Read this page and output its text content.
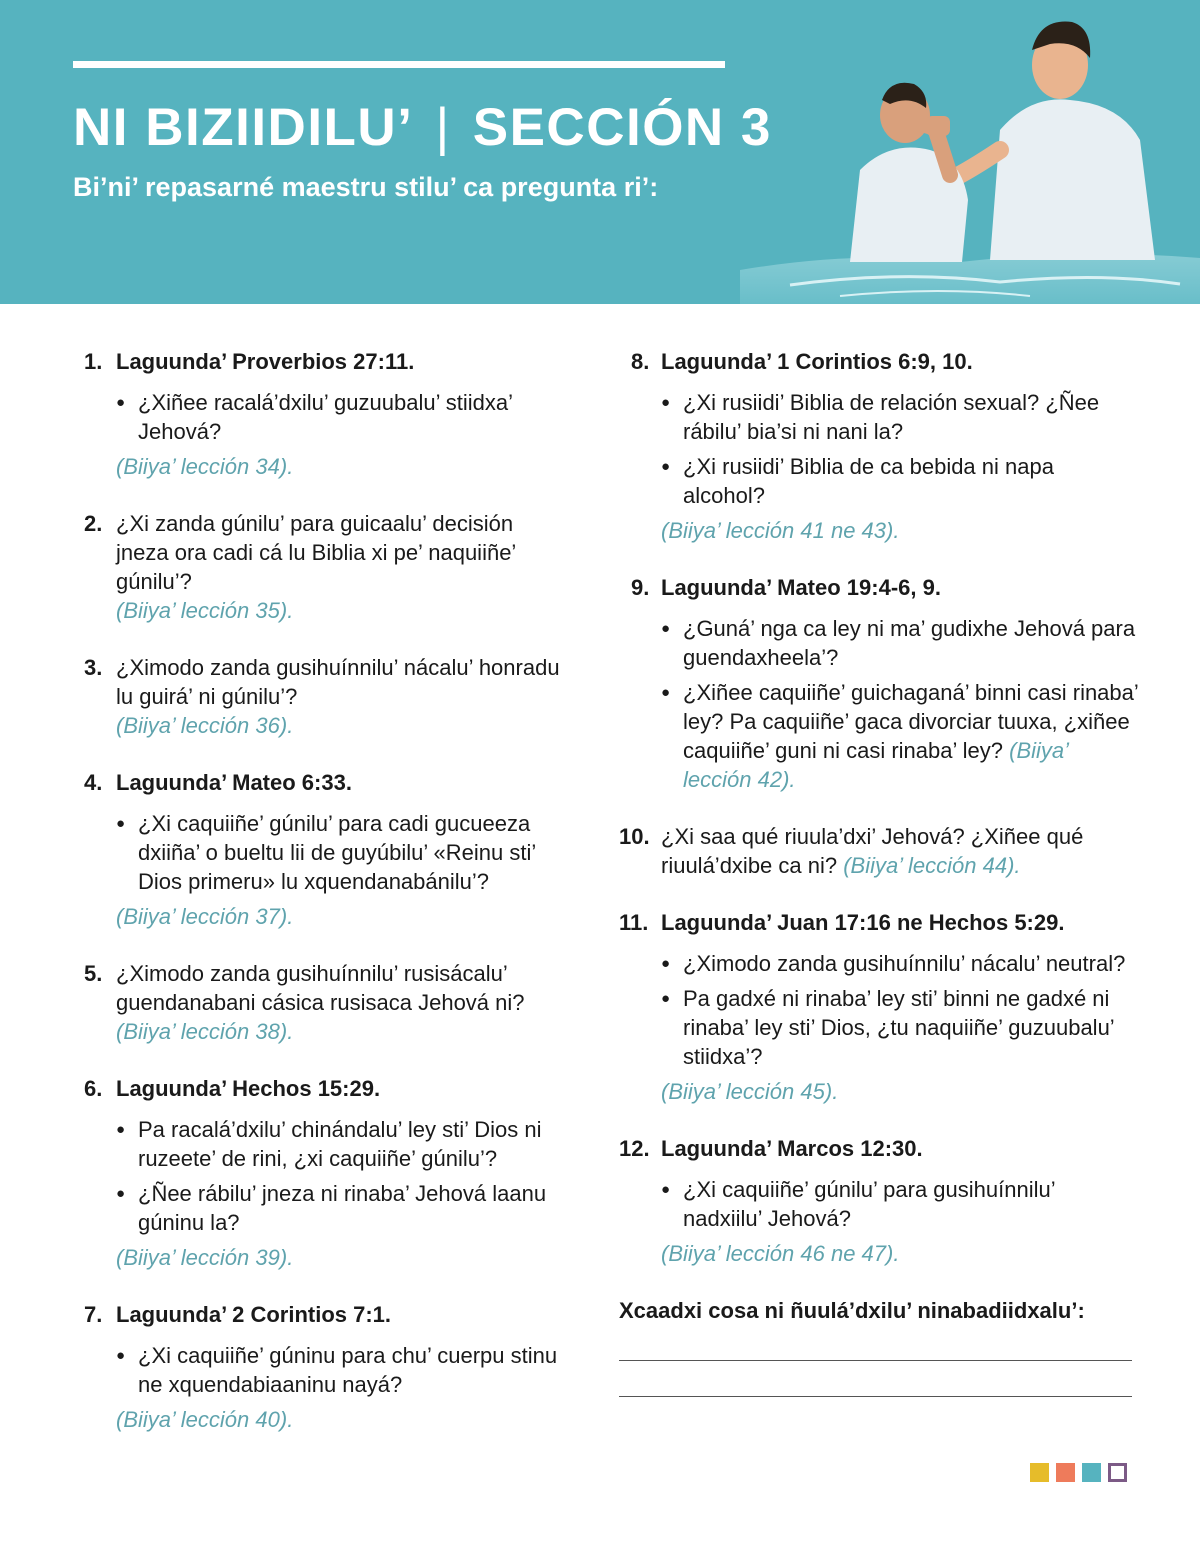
NI BIZIIDILU’ | SECCIÓN 3
Bi’ni’ repasarné maestru stilu’ ca pregunta ri’:
1. Laguunda’ Proverbios 27:11.
● ¿Xiñee racalá’dxilu’ guzuubalu’ stiidxa’ Jehová?
(Biiya’ lección 34).
2. ¿Xi zanda gúnilu’ para guicaalu’ decisión jneza ora cadi cá lu Biblia xi pe’ naquiiñe’ gúnilu’?
(Biiya’ lección 35).
3. ¿Ximodo zanda gusihuínnilu’ nácalu’ honradu lu guirá’ ni gúnilu’?
(Biiya’ lección 36).
4. Laguunda’ Mateo 6:33.
● ¿Xi caquiiñe’ gúnilu’ para cadi gucueeza dxiiña’ o bueltu lii de guyúbilu’ «Reinu sti’ Dios primeru» lu xquendanabánilu’?
(Biiya’ lección 37).
5. ¿Ximodo zanda gusihuínnilu’ rusisácalu’ guendanabani cásica rusisaca Jehová ni?
(Biiya’ lección 38).
6. Laguunda’ Hechos 15:29.
● Pa racalá’dxilu’ chinándalu’ ley sti’ Dios ni ruzeete’ de rini, ¿xi caquiiñe’ gúnilu’?
● ¿Ñee rábilu’ jneza ni rinaba’ Jehová laanu gúninu la?
(Biiya’ lección 39).
7. Laguunda’ 2 Corintios 7:1.
● ¿Xi caquiiñe’ gúninu para chu’ cuerpu stinu ne xquendabiaaninu nayá?
(Biiya’ lección 40).
8. Laguunda’ 1 Corintios 6:9, 10.
● ¿Xi rusiidi’ Biblia de relación sexual? ¿Ñee rábilu’ bia’si ni nani la?
● ¿Xi rusiidi’ Biblia de ca bebida ni napa alcohol?
(Biiya’ lección 41 ne 43).
9. Laguunda’ Mateo 19:4-6, 9.
● ¿Guná’ nga ca ley ni ma’ gudixhe Jehová para guendaxheela’?
● ¿Xiñee caquiiñe’ guichaganá’ binni casi rinaba’ ley? Pa caquiiñe’ gaca divorciar tuuxa, ¿xiñee caquiiñe’ guni ni casi rinaba’ ley? (Biiya’ lección 42).
10. ¿Xi saa qué riuula’dxi’ Jehová? ¿Xiñee qué riuulá’dxibe ca ni? (Biiya’ lección 44).
11. Laguunda’ Juan 17:16 ne Hechos 5:29.
● ¿Ximodo zanda gusihuínnilu’ nácalu’ neutral?
● Pa gadxé ni rinaba’ ley sti’ binni ne gadxé ni rinaba’ ley sti’ Dios, ¿tu naquiiñe’ guzuubalu’ stiidxa’?
(Biiya’ lección 45).
12. Laguunda’ Marcos 12:30.
● ¿Xi caquiiñe’ gúnilu’ para gusihuínnilu’ nadxiilu’ Jehová?
(Biiya’ lección 46 ne 47).
Xcaadxi cosa ni ñuulá’dxilu’ ninabadiidxalu’:
